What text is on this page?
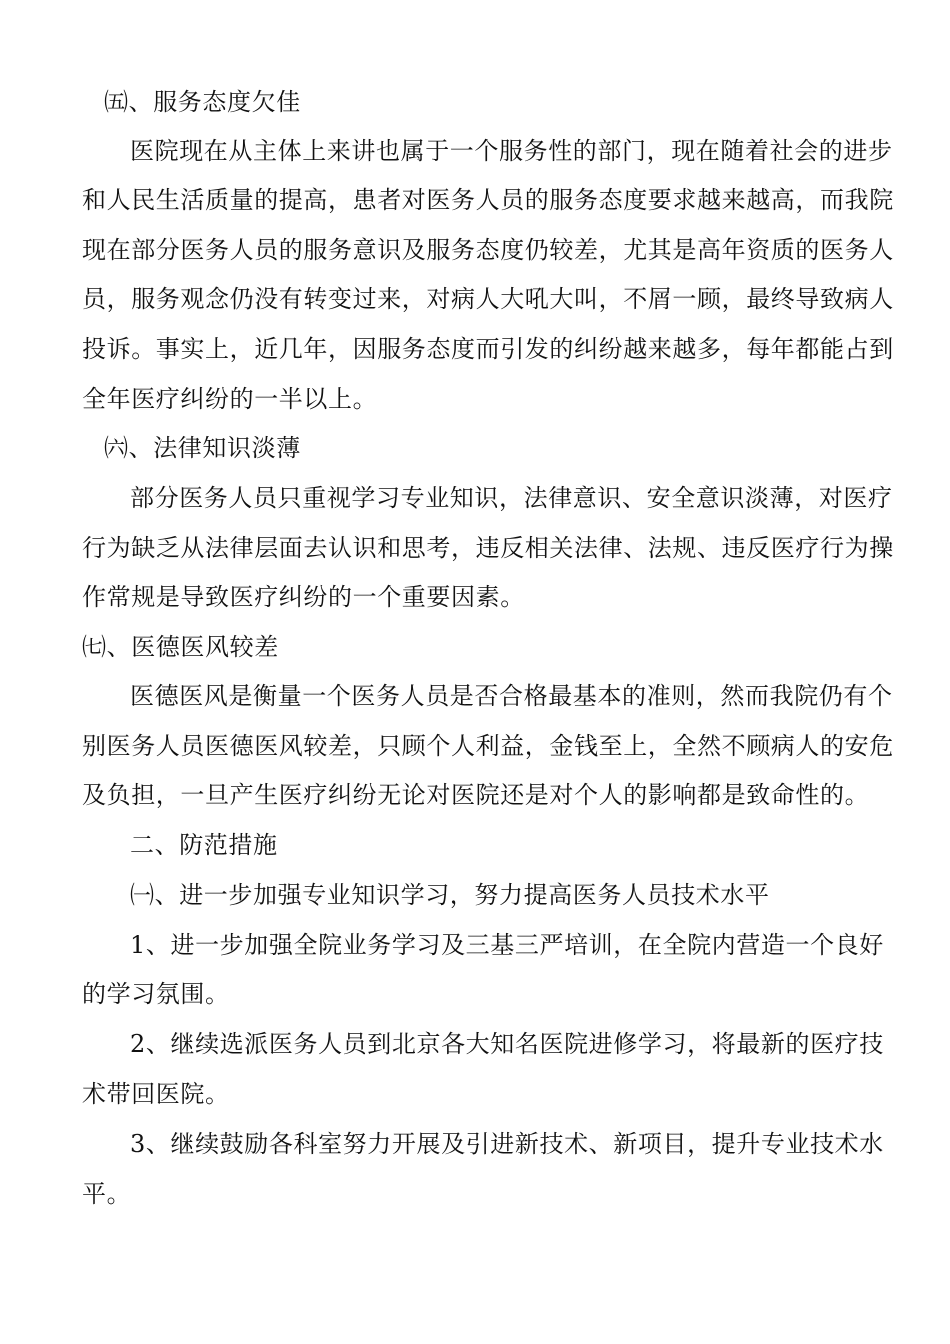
㈤、服务态度欠佳
医院现在从主体上来讲也属于一个服务性的部门，现在随着社会的进步
和人民生活质量的提高，患者对医务人员的服务态度要求越来越高，而我院
现在部分医务人员的服务意识及服务态度仍较差，尤其是高年资质的医务人
员，服务观念仍没有转变过来，对病人大吼大叫，不屑一顾，最终导致病人
投诉。事实上，近几年，因服务态度而引发的纠纷越来越多，每年都能占到
全年医疗纠纷的一半以上。
㈥、法律知识淡薄
部分医务人员只重视学习专业知识，法律意识、安全意识淡薄，对医疗
行为缺乏从法律层面去认识和思考，违反相关法律、法规、违反医疗行为操
作常规是导致医疗纠纷的一个重要因素。
㈦、医德医风较差
医德医风是衡量一个医务人员是否合格最基本的准则，然而我院仍有个
别医务人员医德医风较差，只顾个人利益，金钱至上，全然不顾病人的安危
及负担，一旦产生医疗纠纷无论对医院还是对个人的影响都是致命性的。
二、防范措施
㈠、进一步加强专业知识学习，努力提高医务人员技术水平
1、进一步加强全院业务学习及三基三严培训，在全院内营造一个良好
的学习氛围。
2、继续选派医务人员到北京各大知名医院进修学习，将最新的医疗技
术带回医院。
3、继续鼓励各科室努力开展及引进新技术、新项目，提升专业技术水
平。
